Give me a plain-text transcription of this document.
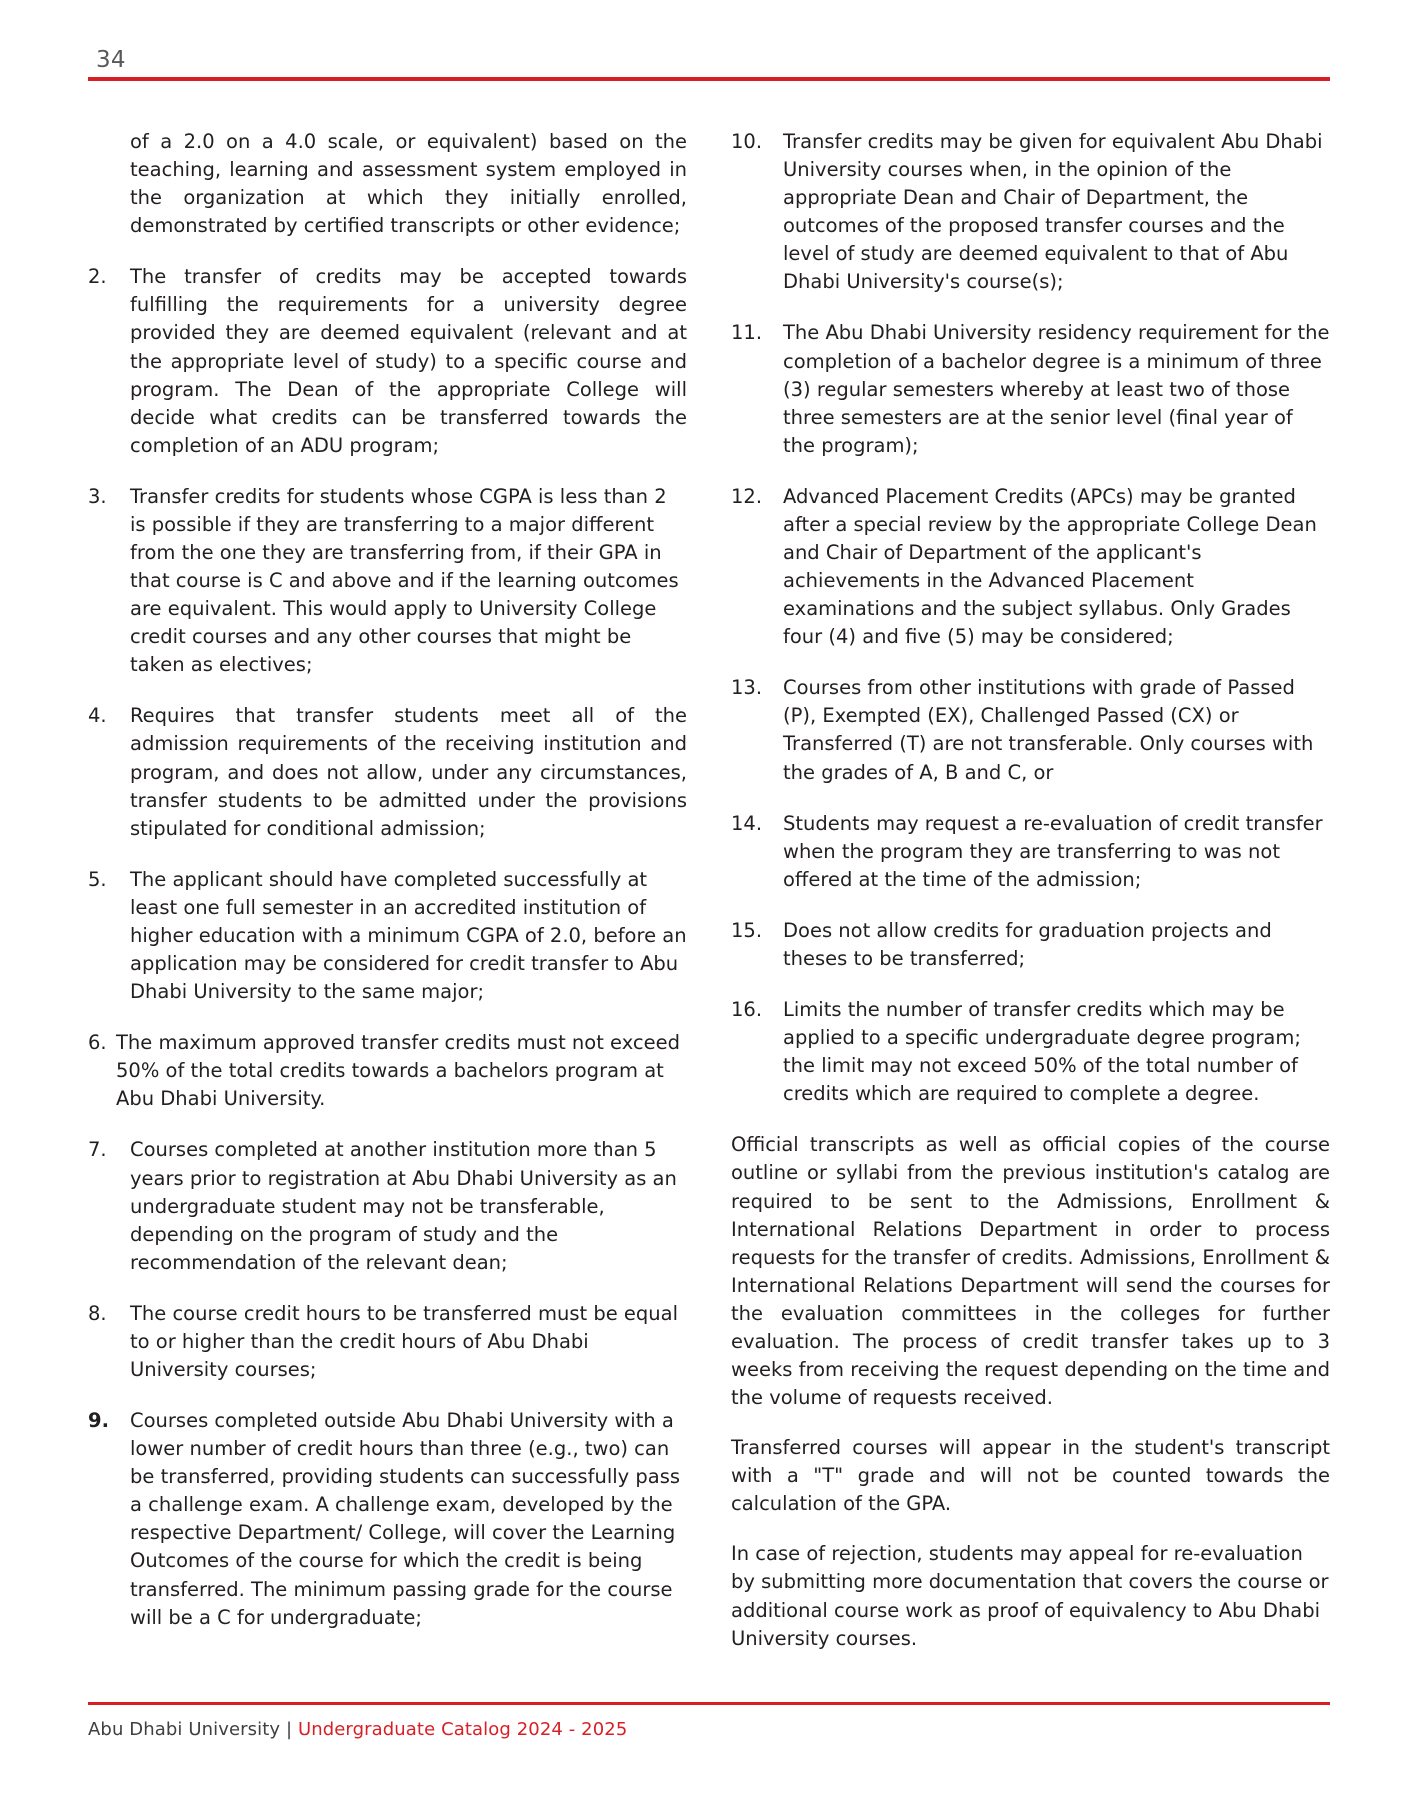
34
of a 2.0 on a 4.0 scale, or equivalent) based on the teaching, learning and assessment system employed in the organization at which they initially enrolled, demonstrated by certified transcripts or other evidence;
2.	The transfer of credits may be accepted towards fulfilling the requirements for a university degree provided they are deemed equivalent (relevant and at the appropriate level of study) to a specific course and program. The Dean of the appropriate College will decide what credits can be transferred towards the completion of an ADU program;
3.	Transfer credits for students whose CGPA is less than 2 is possible if they are transferring to a major different from the one they are transferring from, if their GPA in that course is C and above and if the learning outcomes are equivalent. This would apply to University College credit courses and any other courses that might be taken as electives;
4.	Requires that transfer students meet all of the admission requirements of the receiving institution and program, and does not allow, under any circumstances, transfer students to be admitted under the provisions stipulated for conditional admission;
5.	The applicant should have completed successfully at least one full semester in an accredited institution of higher education with a minimum CGPA of 2.0, before an application may be considered for credit transfer to Abu Dhabi University to the same major;
6. The maximum approved transfer credits must not exceed 50% of the total credits towards a bachelors program at Abu Dhabi University.
7.	Courses completed at another institution more than 5 years prior to registration at Abu Dhabi University as an undergraduate student may not be transferable, depending on the program of study and the recommendation of the relevant dean;
8.	The course credit hours to be transferred must be equal to or higher than the credit hours of Abu Dhabi University courses;
9.	Courses completed outside Abu Dhabi University with a lower number of credit hours than three (e.g., two) can be transferred, providing students can successfully pass a challenge exam. A challenge exam, developed by the respective Department/ College, will cover the Learning Outcomes of the course for which the credit is being transferred. The minimum passing grade for the course will be a C for undergraduate;
10.	Transfer credits may be given for equivalent Abu Dhabi University courses when, in the opinion of the appropriate Dean and Chair of Department, the outcomes of the proposed transfer courses and the level of study are deemed equivalent to that of Abu Dhabi University's course(s);
11.	The Abu Dhabi University residency requirement for the completion of a bachelor degree is a minimum of three (3) regular semesters whereby at least two of those three semesters are at the senior level (final year of the program);
12.	Advanced Placement Credits (APCs) may be granted after a special review by the appropriate College Dean and Chair of Department of the applicant's achievements in the Advanced Placement examinations and the subject syllabus. Only Grades four (4) and five (5) may be considered;
13.	Courses from other institutions with grade of Passed (P), Exempted (EX), Challenged Passed (CX) or Transferred (T) are not transferable. Only courses with the grades of A, B and C, or
14.	Students may request a re-evaluation of credit transfer when the program they are transferring to was not offered at the time of the admission;
15.	Does not allow credits for graduation projects and theses to be transferred;
16.	Limits the number of transfer credits which may be applied to a specific undergraduate degree program; the limit may not exceed 50% of the total number of credits which are required to complete a degree.
Official transcripts as well as official copies of the course outline or syllabi from the previous institution's catalog are required to be sent to the Admissions, Enrollment & International Relations Department in order to process requests for the transfer of credits. Admissions, Enrollment & International Relations Department will send the courses for the evaluation committees in the colleges for further evaluation. The process of credit transfer takes up to 3 weeks from receiving the request depending on the time and the volume of requests received.
Transferred courses will appear in the student's transcript with a "T" grade and will not be counted towards the calculation of the GPA.
In case of rejection, students may appeal for re-evaluation by submitting more documentation that covers the course or additional course work as proof of equivalency to Abu Dhabi University courses.
Abu Dhabi University | Undergraduate Catalog 2024 - 2025
